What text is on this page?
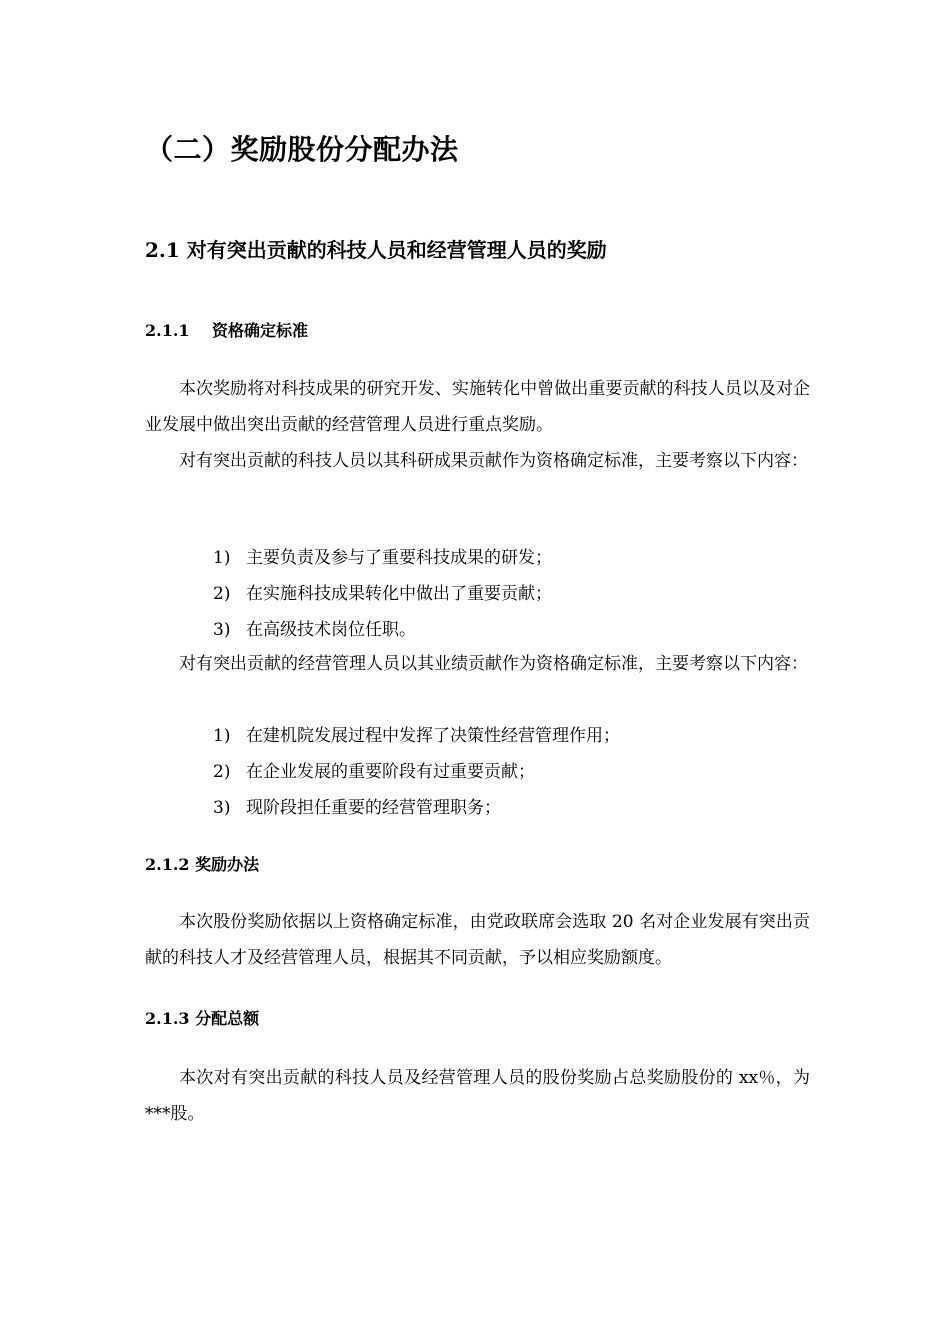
（二）奖励股份分配办法
2.1 对有突出贡献的科技人员和经营管理人员的奖励
2.1.1 资格确定标准

本次奖励将对科技成果的研究开发、实施转化中曾做出重要贡献的科技人员以及对企业发展中做出突出贡献的经营管理人员进行重点奖励。

对有突出贡献的科技人员以其科研成果贡献作为资格确定标准，主要考察以下内容：

1) 主要负责及参与了重要科技成果的研发；
2) 在实施科技成果转化中做出了重要贡献；
3) 在高级技术岗位任职。

对有突出贡献的经营管理人员以其业绩贡献作为资格确定标准，主要考察以下内容：

1) 在建机院发展过程中发挥了决策性经营管理作用；
2) 在企业发展的重要阶段有过重要贡献；
3) 现阶段担任重要的经营管理职务；
2.1.2 奖励办法

本次股份奖励依据以上资格确定标准，由党政联席会选取 20 名对企业发展有突出贡献的科技人才及经营管理人员，根据其不同贡献，予以相应奖励额度。

2.1.3 分配总额

本次对有突出贡献的科技人员及经营管理人员的股份奖励占总奖励股份的 xx％，为***股。
